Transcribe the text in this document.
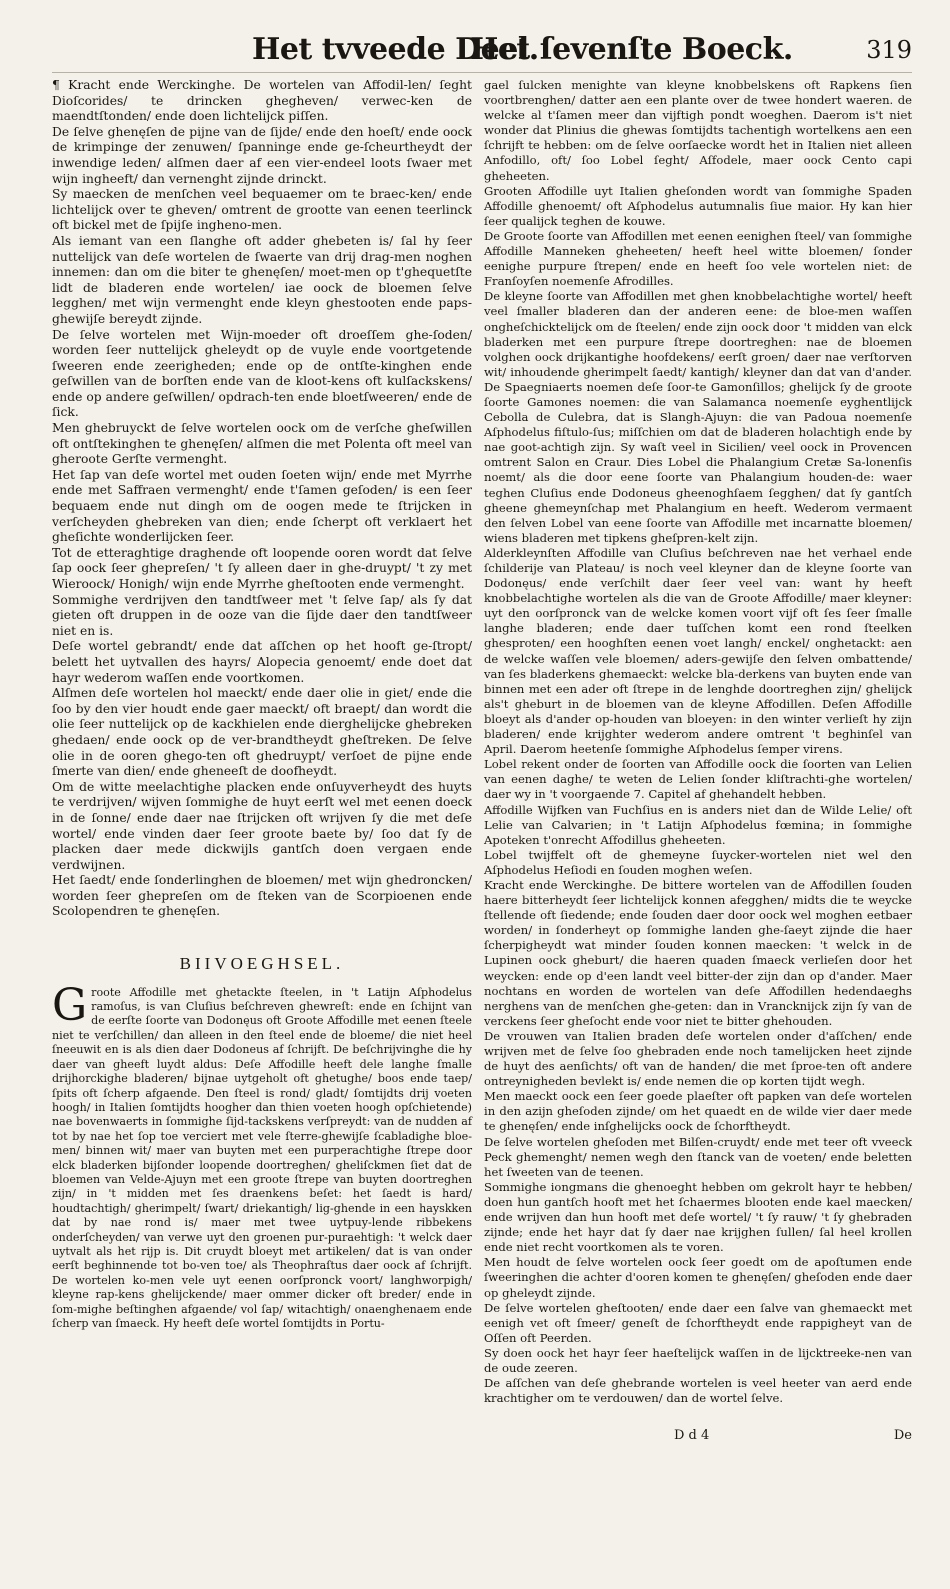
Het tvveede Deel.
Het ſevenſte Boeck.	319

¶ Kracht ende Werckinghe. De wortelen van Affodil-len/ ſeght Dioſcorides/ te drincken ghegheven/ verwec-ken de maendtſtonden/ ende doen lichtelijck piſſen.

De ſelve ghenęſen de pijne van de ſijde/ ende den hoeſt/ ende oock de krimpinge der zenuwen/ ſpanninge ende ge-ſcheurtheydt der inwendige leden/ alſmen daer af een vier-endeel loots ſwaer met wijn ingheeft/ dan vernenght zijnde drinckt.

Sy maecken de menſchen veel bequaemer om te braec-ken/ ende lichtelijck over te gheven/ omtrent de grootte van eenen teerlinck oft bickel met de ſpijſe ingheno-men.

Als iemant van een ſlanghe oft adder ghebeten is/ ſal hy ſeer nuttelijck van deſe wortelen de ſwaerte van drij drag-men noghen innemen: dan om die biter te ghenęſen/ moet-men op t'ghequetſte lidt de bladeren ende wortelen/ iae oock de bloemen ſelve legghen/ met wijn vermenght ende kleyn ghestooten ende paps-ghewijſe bereydt zijnde.

De ſelve wortelen met Wijn-moeder oft droeſſem ghe-ſoden/ worden ſeer nuttelijck gheleydt op de vuyle ende voortgetende ſweeren ende zeerigheden; ende op de ontſte-kinghen ende geſwillen van de borſten ende van de kloot-kens oft kulſackskens/ ende op andere geſwillen/ opdrach-ten ende bloetſweeren/ ende de ſick.

Men ghebruyckt de ſelve wortelen oock om de verſche gheſwillen oft ontſtekinghen te ghenęſen/ alſmen die met Polenta oft meel van gheroote Gerſte vermenght.

Het ſap van deſe wortel met ouden ſoeten wijn/ ende met Myrrhe ende met Saffraen vermenght/ ende t'ſamen geſoden/ is een ſeer bequaem ende nut dingh om de oogen mede te ſtrijcken in verſcheyden ghebreken van dien; ende ſcherpt oft verklaert het gheſichte wonderlijcken ſeer.

Tot de etteraghtige draghende oft loopende ooren wordt dat ſelve ſap oock ſeer ghepreſen/ 't ſy alleen daer in ghe-druypt/ 't zy met Wieroock/ Honigh/ wijn ende Myrrhe gheſtooten ende vermenght.

Sommighe verdrijven den tandtſweer met 't ſelve ſap/ als ſy dat gieten oft druppen in de ooze van die ſijde daer den tandtſweer niet en is.

Deſe wortel gebrandt/ ende dat aſſchen op het hooft ge-ſtropt/ belett het uytvallen des hayrs/ Alopecia genoemt/ ende doet dat hayr wederom waſſen ende voortkomen.

Alſmen deſe wortelen hol maeckt/ ende daer olie in giet/ ende die ſoo by den vier houdt ende gaer maeckt/ oft braept/ dan wordt die olie ſeer nuttelijck op de kackhielen ende dierghelijcke ghebreken ghedaen/ ende oock op de ver-brandtheydt gheſtreken. De ſelve olie in de ooren ghego-ten oft ghedruypt/ verſoet de pijne ende ſmerte van dien/ ende gheneeſt de doofheydt.

Om de witte meelachtighe placken ende onſuyverheydt des huyts te verdrijven/ wijven ſommighe de huyt eerſt wel met eenen doeck in de ſonne/ ende daer nae ſtrijcken oft wrijven ſy die met deſe wortel/ ende vinden daer ſeer groote baete by/ ſoo dat ſy de placken daer mede dickwijls gantſch doen vergaen ende verdwijnen.

Het ſaedt/ ende ſonderlinghen de bloemen/ met wijn ghedroncken/ worden ſeer ghepreſen om de ſteken van de Scorpioenen ende Scolopendren te ghenęſen.

BIIVOEGHSEL.

Groote Affodille met ghetackte ſteelen, in 't Latijn Aſphodelus ramoſus, is van Cluſius beſchreven ghewreſt: ende en ſchijnt van de eerſte ſoorte van Dodonęus oft Groote Affodille met eenen ſteele niet te verſchillen/ dan alleen in den ſteel ende de bloeme/ die niet heel ſneeuwit en is als dien daer Dodoneus af ſchrijft. De beſchrijvinghe die hy daer van gheeft luydt aldus: Deſe Affodille heeft dele langhe ſmalle drijhorckighe bladeren/ bijnae uytgeholt oft ghetughe/ boos ende taep/ ſpits oft ſcherp afgaende. Den ſteel is rond/ gladt/ ſomtijdts drij voeten hoogh/ in Italien ſomtijdts hoogher dan thien voeten hoogh opſchietende) nae bovenwaerts in ſommighe ſijd-tackskens verſpreydt: van de nudden af tot by nae het ſop toe verciert met vele ſterre-ghewijſe ſcabladighe bloe-men/ binnen wit/ maer van buyten met een purperachtighe ſtrepe door elck bladerken bijſonder loopende doortreghen/ gheliſckmen ſiet dat de bloemen van Velde-Ajuyn met een groote ſtrepe van buyten doortreghen zijn/ in 't midden met ſes draenkens beſet: het ſaedt is hard/ houdtachtigh/ gherimpelt/ ſwart/ driekantigh/ lig-ghende in een hayskken dat by nae rond is/ maer met twee uytpuy-lende ribbekens onderſcheyden/ van verwe uyt den groenen pur-puraehtigh: 't welck daer uytvalt als het rijp is. Dit cruydt bloeyt met artikelen/ dat is van onder eerſt beghinnende tot bo-ven toe/ als Theophraſtus daer oock af ſchrijft. De wortelen ko-men vele uyt eenen oorſpronck voort/ langhworpigh/ kleyne rap-kens ghelijckende/ maer ommer dicker oft breder/ ende in ſom-mighe beſtinghen afgaende/ vol ſap/ witachtigh/ onaenghenaem ende ſcherp van ſmaeck. Hy heeft deſe wortel ſomtijdts in Portu-

gael ſulcken menighte van kleyne knobbelskens oft Rapkens ſien voortbrenghen/ datter aen een plante over de twee hondert waeren. de welcke al t'ſamen meer dan vijftigh pondt woeghen. Daerom is't niet wonder dat Plinius die ghewas ſomtijdts tachentigh wortelkens aen een ſchrijft te hebben: om de ſelve oorſaecke wordt het in Italien niet alleen Anfodillo, oft/ ſoo Lobel ſeght/ Aſfodele, maer oock Cento capi gheheeten.

Grooten Affodille uyt Italien gheſonden wordt van ſommighe Spaden Affodille ghenoemt/ oft Aſphodelus autumnalis ſiue maior. Hy kan hier ſeer qualijck teghen de kouwe.

De Groote ſoorte van Affodillen met eenen eenighen ſteel/ van ſommighe Affodille Manneken gheheeten/ heeft heel witte bloemen/ ſonder eenighe purpure ſtrepen/ ende en heeft ſoo vele wortelen niet: de Franſoyſen noemenſe Afrodilles.

De kleyne ſoorte van Affodillen met ghen knobbelachtighe wortel/ heeft veel ſmaller bladeren dan der anderen eene: de bloe-men waſſen ongheſchicktelijck om de ſteelen/ ende zijn oock door 't midden van elck bladerken met een purpure ſtrepe doortreghen: nae de bloemen volghen oock drijkantighe hoofdekens/ eerſt groen/ daer nae verſtorven wit/ inhoudende gherimpelt ſaedt/ kantigh/ kleyner dan dat van d'ander. De Spaegniaerts noemen deſe ſoor-te Gamonſillos; ghelijck ſy de groote ſoorte Gamones noemen: die van Salamanca noemenſe eyghentlijck Cebolla de Culebra, dat is Slangh-Ajuyn: die van Padoua noemenſe Aſphodelus fiſtulo-ſus; miſſchien om dat de bladeren holachtigh ende by nae goot-achtigh zijn. Sy waſt veel in Sicilien/ veel oock in Provencen omtrent Salon en Craur. Dies Lobel die Phalangium Cretæ Sa-lonenſis noemt/ als die door eene ſoorte van Phalangium houden-de: waer teghen Cluſius ende Dodoneus gheenoghſaem ſegghen/ dat ſy gantſch gheene ghemeynſchap met Phalangium en heeft. Wederom vermaent den ſelven Lobel van eene ſoorte van Affodille met incarnatte bloemen/ wiens bladeren met tipkens gheſpren-kelt zijn.

Alderkleynſten Affodille van Cluſius beſchreven nae het verhael ende ſchilderije van Plateau/ is noch veel kleyner dan de kleyne ſoorte van Dodonęus/ ende verſchilt daer ſeer veel van: want hy heeft knobbelachtighe wortelen als die van de Groote Affodille/ maer kleyner: uyt den oorſpronck van de welcke komen voort vijf oft ſes ſeer ſmalle langhe bladeren; ende daer tuſſchen komt een rond ſteelken ghesproten/ een hooghſten eenen voet langh/ enckel/ onghetackt: aen de welcke waſſen vele bloemen/ aders-gewijſe den ſelven ombattende/ van ſes bladerkens ghemaeckt: welcke bla-derkens van buyten ende van binnen met een ader oft ſtrepe in de lenghde doortreghen zijn/ ghelijck als't gheburt in de bloemen van de kleyne Affodillen. Deſen Affodille bloeyt als d'ander op-houden van bloeyen: in den winter verlieſt hy zijn bladeren/ ende krijghter wederom andere omtrent 't beghinſel van April. Daerom heetenſe ſommighe Aſphodelus ſemper virens.

Lobel rekent onder de ſoorten van Affodille oock die ſoorten van Lelien van eenen daghe/ te weten de Lelien ſonder kliſtrachti-ghe wortelen/ daer wy in 't voorgaende 7. Capitel af ghehandelt hebben.

Affodille Wijfken van Fuchſius en is anders niet dan de Wilde Lelie/ oft Lelie van Calvarien; in 't Latijn Aſphodelus fœmina; in ſommighe Apoteken t'onrecht Aſfodillus gheheeten.

Lobel twijffelt oft de ghemeyne ſuycker-wortelen niet wel den Aſphodelus Heſiodi en ſouden moghen weſen.

Kracht ende Werckinghe. De bittere wortelen van de Affodillen ſouden haere bitterheydt ſeer lichtelijck konnen afegghen/ midts die te weycke ſtellende oft ſiedende; ende ſouden daer door oock wel moghen eetbaer worden/ in ſonderheyt op ſommighe landen ghe-ſaeyt zijnde die haer ſcherpigheydt wat minder ſouden konnen maecken: 't welck in de Lupinen oock gheburt/ die haeren quaden ſmaeck verlieſen door het weycken: ende op d'een landt veel bitter-der zijn dan op d'ander. Maer nochtans en worden de wortelen van deſe Affodillen hedendaeghs nerghens van de menſchen ghe-geten: dan in Vrancknijck zijn ſy van de verckens ſeer gheſocht ende voor niet te bitter ghehouden.

De vrouwen van Italien braden deſe wortelen onder d'aſſchen/ ende wrijven met de ſelve ſoo ghebraden ende noch tamelijcken heet zijnde de huyt des aenſichts/ oft van de handen/ die met ſproe-ten oft andere ontreynigheden bevlekt is/ ende nemen die op korten tijdt wegh.

Men maeckt oock een ſeer goede plaeſter oft papken van deſe wortelen in den azijn gheſoden zijnde/ om het quaedt en de wilde vier daer mede te ghenęſen/ ende inſghelijcks oock de ſchorftheydt.

De ſelve wortelen gheſoden met Bilſen-cruydt/ ende met teer oft vveeck Peck ghemenght/ nemen wegh den ſtanck van de voeten/ ende beletten het ſweeten van de teenen.

Sommighe iongmans die ghenoeght hebben om gekrolt hayr te hebben/ doen hun gantſch hooft met het ſchaermes blooten ende kael maecken/ ende wrijven dan hun hooft met deſe wortel/ 't ſy rauw/ 't ſy ghebraden zijnde; ende het hayr dat ſy daer nae krijghen ſullen/ ſal heel krollen ende niet recht voortkomen als te voren.

Men houdt de ſelve wortelen oock ſeer goedt om de apoſtumen ende ſweeringhen die achter d'ooren komen te ghenęſen/ gheſoden ende daer op gheleydt zijnde.

De ſelve wortelen gheſtooten/ ende daer een ſalve van ghemaeckt met eenigh vet oft ſmeer/ geneſt de ſchorftheydt ende rappigheyt van de Oſſen oft Peerden.

Sy doen oock het hayr ſeer haeſtelijck waſſen in de lijcktreeke-nen van de oude zeeren.

De aſſchen van deſe ghebrande wortelen is veel heeter van aerd ende krachtigher om te verdouwen/ dan de wortel ſelve.

D d 4	De
